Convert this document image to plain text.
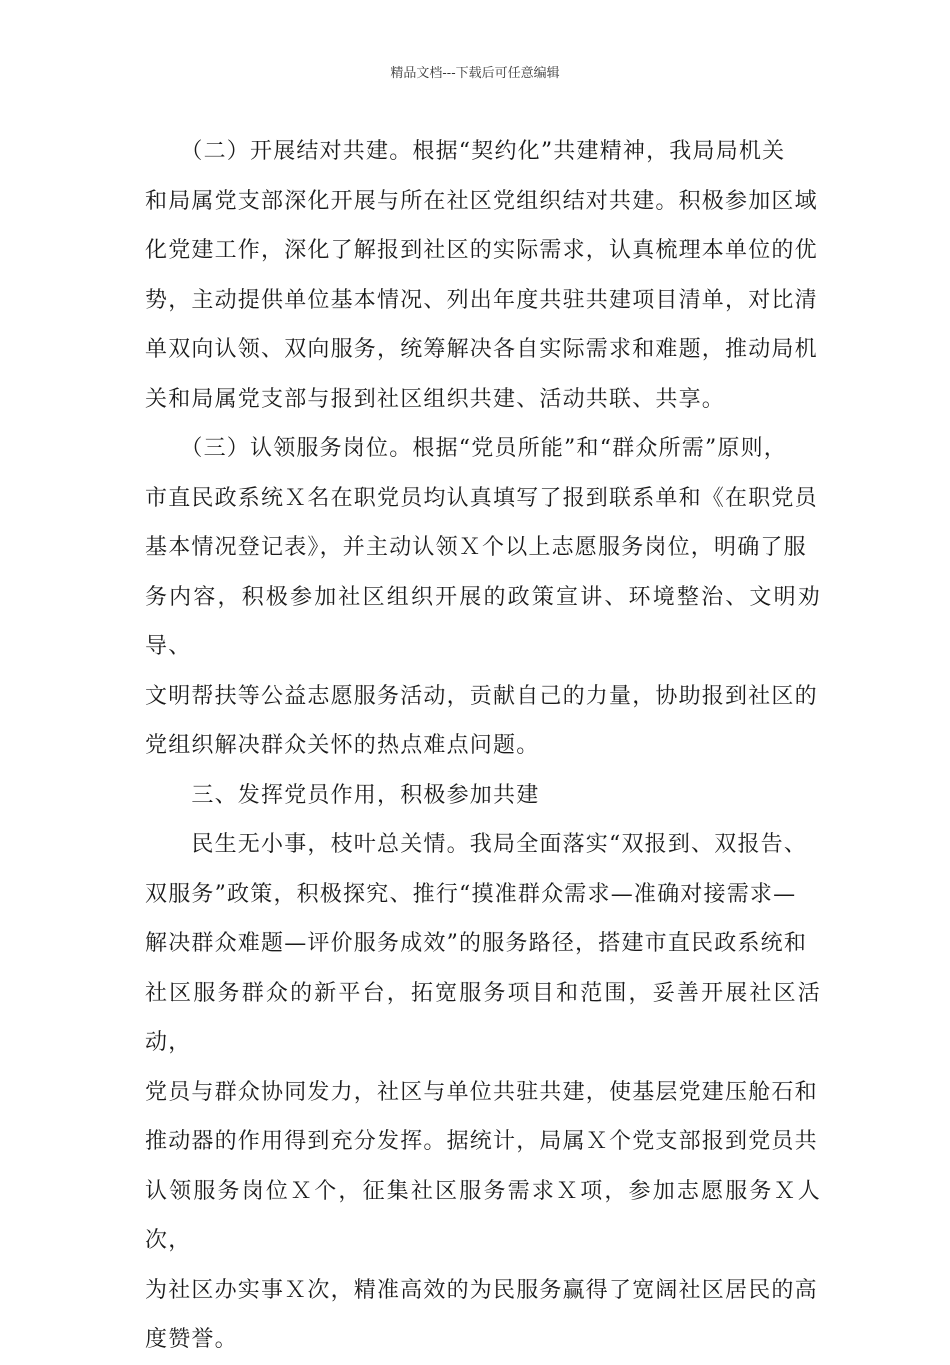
精品文档---下载后可任意编辑

　　（二）开展结对共建。根据“契约化”共建精神，我局局机关
和局属党支部深化开展与所在社区党组织结对共建。积极参加区域
化党建工作，深化了解报到社区的实际需求，认真梳理本单位的优
势，主动提供单位基本情况、列出年度共驻共建项目清单，对比清
单双向认领、双向服务，统筹解决各自实际需求和难题，推动局机
关和局属党支部与报到社区组织共建、活动共联、共享。

　　（三）认领服务岗位。根据“党员所能”和“群众所需”原则，
市直民政系统Ｘ名在职党员均认真填写了报到联系单和《在职党员
基本情况登记表》，并主动认领Ｘ个以上志愿服务岗位，明确了服
务内容，积极参加社区组织开展的政策宣讲、环境整治、文明劝导、
文明帮扶等公益志愿服务活动，贡献自己的力量，协助报到社区的
党组织解决群众关怀的热点难点问题。

　　三、发挥党员作用，积极参加共建

　　民生无小事，枝叶总关情。我局全面落实“双报到、双报告、
双服务”政策，积极探究、推行“摸准群众需求—准确对接需求—
解决群众难题—评价服务成效”的服务路径，搭建市直民政系统和
社区服务群众的新平台，拓宽服务项目和范围，妥善开展社区活动，
党员与群众协同发力，社区与单位共驻共建，使基层党建压舱石和
推动器的作用得到充分发挥。据统计，局属Ｘ个党支部报到党员共
认领服务岗位Ｘ个，征集社区服务需求Ｘ项，参加志愿服务Ｘ人次，
为社区办实事Ｘ次，精准高效的为民服务赢得了宽阔社区居民的高
度赞誉。
